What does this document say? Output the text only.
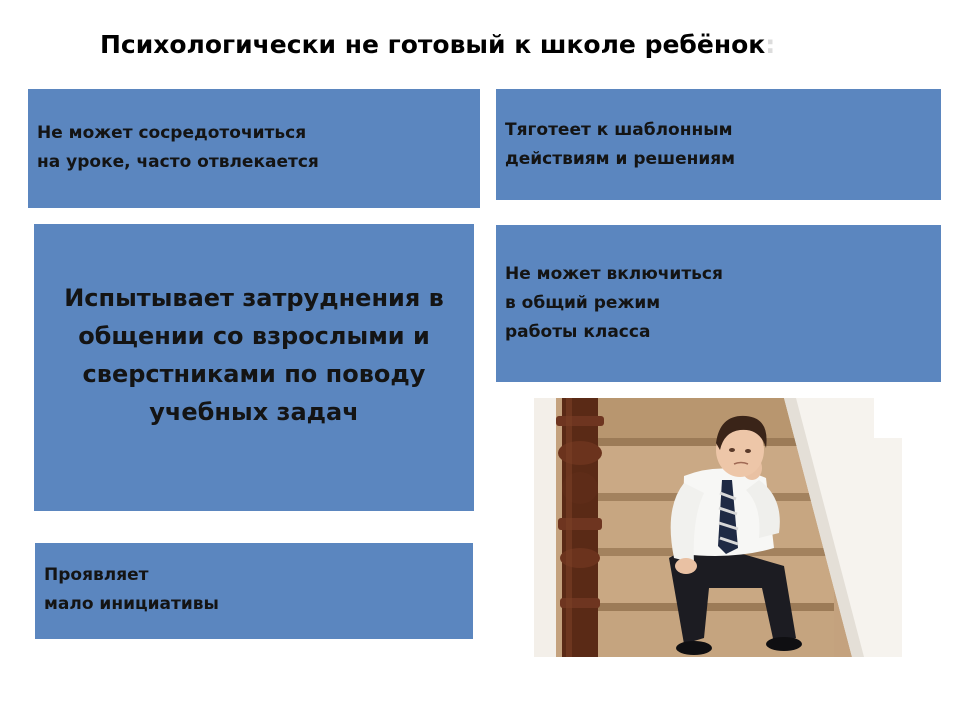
Психологически не готовый к школе ребёнок:
Не может сосредоточиться
на уроке, часто отвлекается
Тяготеет к шаблонным
действиям и решениям
Испытывает затруднения в
общении со взрослыми и
сверстниками по поводу
учебных задач
Не может включиться
в общий режим
работы класса
Проявляет
мало инициативы
